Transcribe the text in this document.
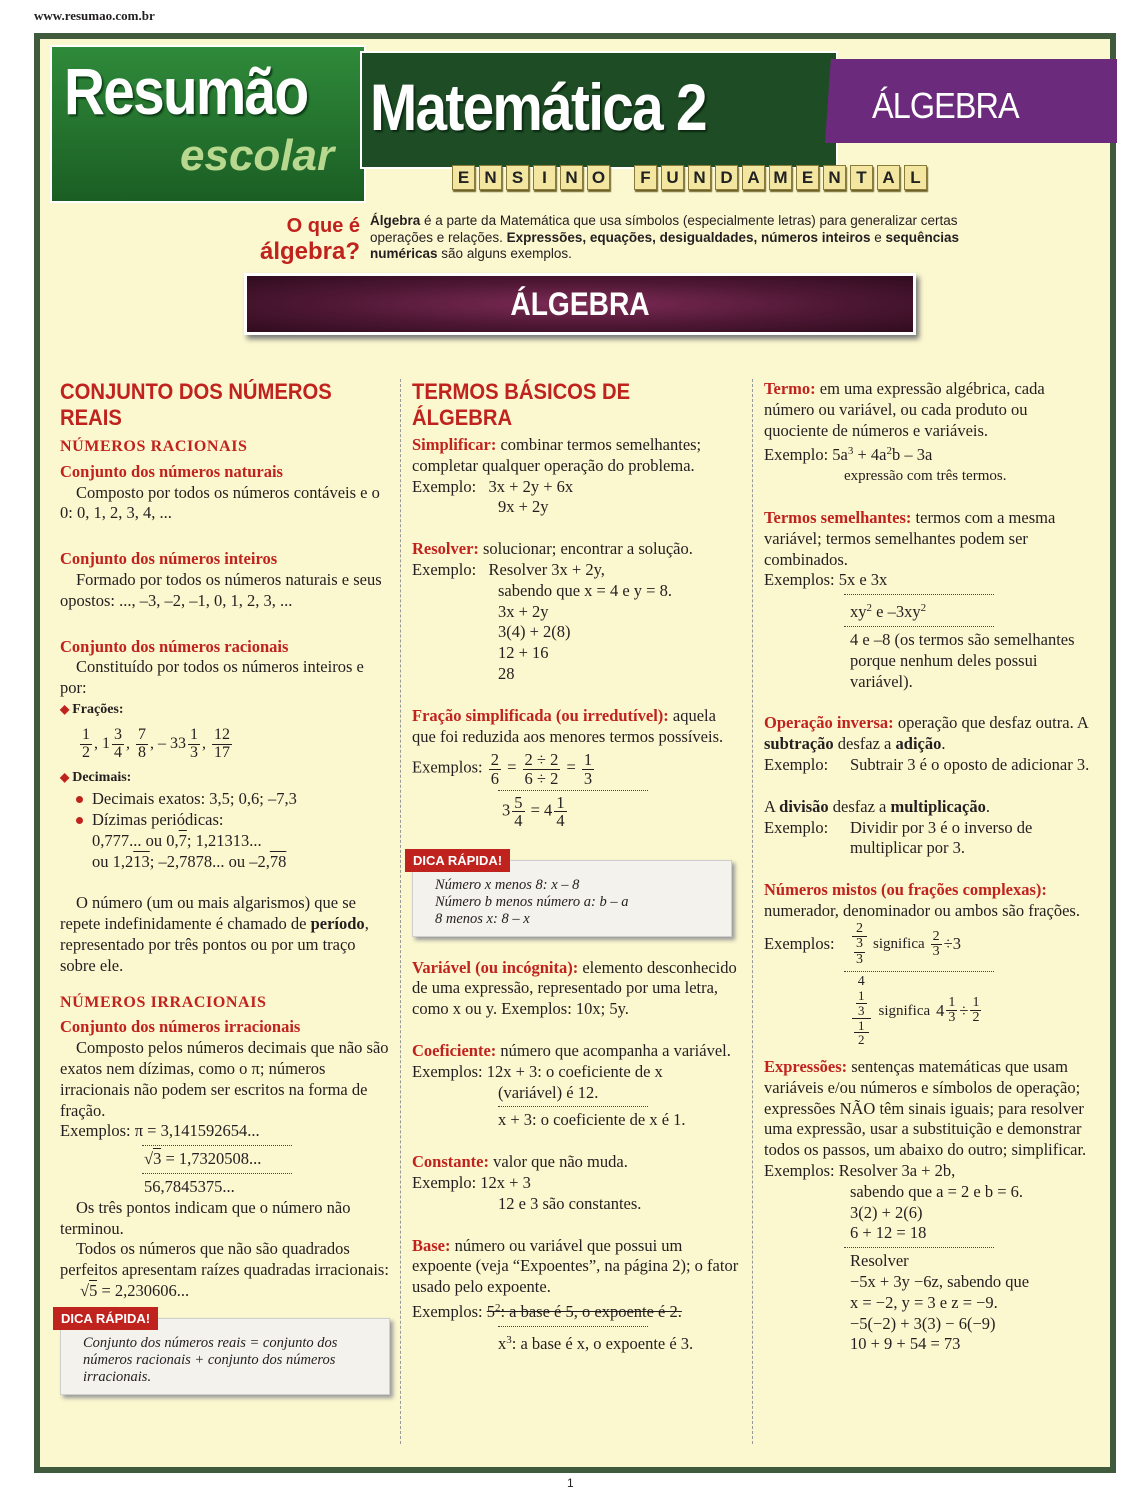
www.resumao.com.br
Resumão
escolar
Matemática 2	ÁLGEBRA
E N S	I	N O	F U N D A M E N T A L
O que é
álgebra?
Álgebra é a parte da Matemática que usa símbolos (especialmente letras) para generalizar certas operações e relações. Expressões, equações, desigualdades, números inteiros e sequências numéricas são alguns exemplos.
ÁLGEBRA
CONJUNTO DOS NÚMEROS REAIS
NÚMEROS RACIONAIS
Conjunto dos números naturais
Composto por todos os números contáveis e o 0: 0, 1, 2, 3, 4, ...
Conjunto dos números inteiros
Formado por todos os números naturais e seus opostos: ..., –3, –2, –1, 0, 1, 2, 3, ...
Conjunto dos números racionais
Constituído por todos os números inteiros e por:
◆ Frações:
$\frac{1}{2}$ , $1 \frac{3}{4}$ , $\frac{7}{8}$ , – $33 \frac{1}{3}$ , $\frac{12}{17}$
◆ Decimais:
Decimais exatos: 3,5; 0,6; –7,3
Dízimas periódicas:
0,777... ou 0,7; 1,21313...
ou 1,213; –2,7878... ou –2,78
O número (um ou mais algarismos) que se repete indefinidamente é chamado de período, representado por três pontos ou por um traço sobre ele.
NÚMEROS IRRACIONAIS
Conjunto dos números irracionais
Composto pelos números decimais que não são exatos nem dízimas, como o π; números irracionais não podem ser escritos na forma de fração.
Exemplos: π = 3,141592654...
√3 = 1,7320508...
56,7845375...
Os três pontos indicam que o número não terminou.
Todos os números que não são quadrados perfeitos apresentam raízes quadradas irracionais:
√5 = 2,230606...
DICA RÁPIDA!
Conjunto dos números reais = conjunto dos números racionais + conjunto dos números irracionais.
TERMOS BÁSICOS DE ÁLGEBRA
Simplificar: combinar termos semelhantes; completar qualquer operação do problema.
Exemplo: 3x + 2y + 6x
9x + 2y
Resolver: solucionar; encontrar a solução.
Exemplo: Resolver 3x + 2y,
sabendo que x = 4 e y = 8.
3x + 2y
3(4) + 2(8)
12 + 16
28
Fração simplificada (ou irredutível): aquela que foi reduzida aos menores termos possíveis.
Exemplos: $\frac{2}{6} = \frac{2 \div 2}{6 \div 2} = \frac{1}{3}$
$3 \frac{5}{4} = 4 \frac{1}{4}$
DICA RÁPIDA!
Número x menos 8: x – 8
Número b menos número a: b – a
8 menos x: 8 – x
Variável (ou incógnita): elemento desconhecido de uma expressão, representado por uma letra, como x ou y. Exemplos: 10x; 5y.
Coeficiente: número que acompanha a variável.
Exemplos: 12x + 3: o coeficiente de x
(variável) é 12.
x + 3: o coeficiente de x é 1.
Constante: valor que não muda.
Exemplo: 12x + 3
12 e 3 são constantes.
Base: número ou variável que possui um expoente (veja “Expoentes”, na página 2); o fator usado pelo expoente.
Exemplos: $5^2$: a base é 5, o expoente é 2.
$x^3$: a base é x, o expoente é 3.
Termo: em uma expressão algébrica, cada número ou variável, ou cada produto ou quociente de números e variáveis.
Exemplo: $5a^3 + 4a^2b - 3a$
expressão com três termos.
Termos semelhantes: termos com a mesma variável; termos semelhantes podem ser combinados.
Exemplos: 5x e 3x
$xy^2$ e $-3xy^2$
4 e –8 (os termos são semelhantes porque nenhum deles possui variável).
Operação inversa: operação que desfaz outra. A subtração desfaz a adição.
Exemplo:	Subtrair 3 é o oposto de adicionar 3.
A divisão desfaz a multiplicação.
Exemplo:	Dividir por 3 é o inverso de multiplicar por 3.
Números mistos (ou frações complexas): numerador, denominador ou ambos são frações.
Exemplos:	2
3
3 significa $\frac{2}{3} \div 3$
4
1
3
1
2 significa $4 \frac{1}{3} \div \frac{1}{2}$
Expressões: sentenças matemáticas que usam variáveis e/ou números e símbolos de operação; expressões NÃO têm sinais iguais; para resolver uma expressão, usar a substituição e demonstrar todos os passos, um abaixo do outro; simplificar.
Exemplos: Resolver 3a + 2b,
sabendo que a = 2 e b = 6.
3(2) + 2(6)
6 + 12 = 18
Resolver
−5x + 3y −6z, sabendo que
x = −2, y = 3 e z = −9.
−5(−2) + 3(3) − 6(−9)
10 + 9 + 54 = 73
1
